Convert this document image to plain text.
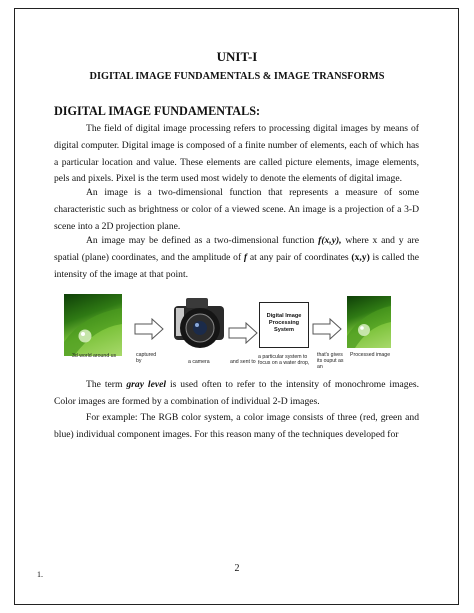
UNIT-I
DIGITAL IMAGE FUNDAMENTALS & IMAGE TRANSFORMS
DIGITAL IMAGE FUNDAMENTALS:

The field of digital image processing refers to processing digital images by means of digital computer. Digital image is composed of a finite number of elements, each of which has a particular location and value. These elements are called picture elements, image elements, pels and pixels. Pixel is the term used most widely to denote the elements of digital image.

An image is a two-dimensional function that represents a measure of some characteristic such as brightness or color of a viewed scene. An image is a projection of a 3-D scene into a 2D projection plane.

An image may be defined as a two-dimensional function f(x,y), where x and y are spatial (plane) coordinates, and the amplitude of f at any pair of coordinates (x,y) is called the intensity of the image at that point.

3d world around us	captured by	a camera	and sent to
Digital Image Processing System
a particular system to focus on a water drop,
that's gives its ouput as an
Processed image

The term gray level is used often to refer to the intensity of monochrome images. Color images are formed by a combination of individual 2-D images.

For example: The RGB color system, a color image consists of three (red, green and blue) individual component images. For this reason many of the techniques developed for

2
1.
